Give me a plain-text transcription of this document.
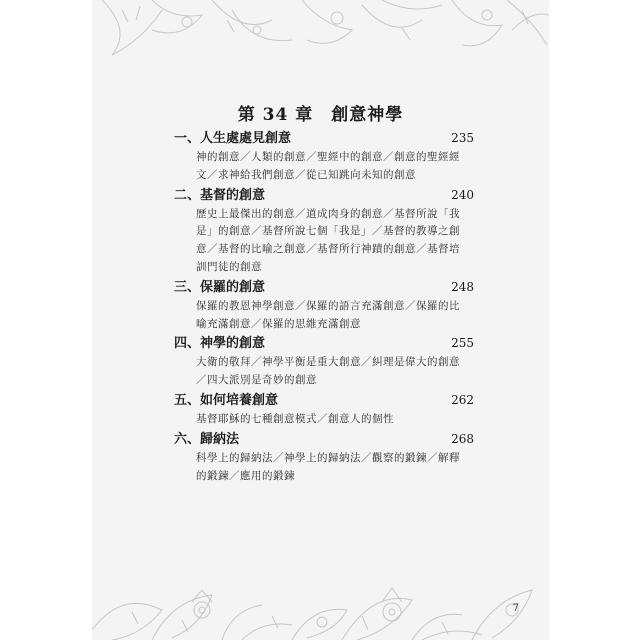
第 34 章　創意神學
一、人生處處見創意	235
神的創意／人類的創意／聖經中的創意／創意的聖經經文／求神給我們創意／從已知跳向未知的創意
二、基督的創意	240
歷史上最傑出的創意／道成肉身的創意／基督所說「我是」的創意／基督所說七個「我是」／基督的教導之創意／基督的比喻之創意／基督所行神蹟的創意／基督培訓門徒的創意
三、保羅的創意	248
保羅的教恩神學創意／保羅的語言充滿創意／保羅的比喻充滿創意／保羅的思維充滿創意
四、神學的創意	255
大衛的敬拜／神學平衡是重大創意／糾理是偉大的創意／四大派別是奇妙的創意
五、如何培養創意	262
基督耶穌的七種創意模式／創意人的個性
六、歸納法	268
科學上的歸納法／神學上的歸納法／觀察的鍛鍊／解釋的鍛鍊／應用的鍛鍊
7
